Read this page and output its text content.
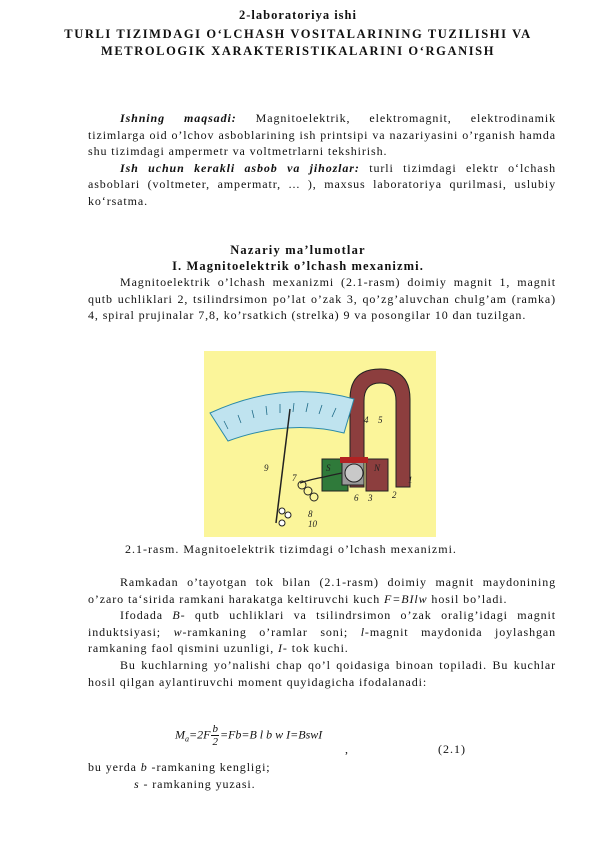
2-laboratoriya ishi
TURLI TIZIMDAGI O‘LCHASH VOSITALARINING TUZILISHI VA METROLOGIK XARAKTERISTIKALARINI O‘RGANISH

Ishning maqsadi: Magnitoelektrik, elektromagnit, elektrodinamik tizimlarga oid o’lchov asboblarining ish printsipi va nazariyasini o’rganish hamda shu tizimdagi ampermetr va voltmetrlarni tekshirish.

Ish uchun kerakli asbob va jihozlar: turli tizimdagi elektr o‘lchash asboblari (voltmeter, ampermatr, ... ), maxsus laboratoriya qurilmasi, uslubiy ko‘rsatma.

Nazariy ma’lumotlar
I. Magnitoelektrik o’lchash mexanizmi.

Magnitoelektrik o’lchash mexanizmi (2.1-rasm) doimiy magnit 1, magnit qutb uchliklari 2, tsilindrsimon po’lat o’zak 3, qo’zg’aluvchan chulg’am (ramka) 4, spiral prujinalar 7,8, ko’rsatkich (strelka) 9 va posongilar 10 dan tuzilgan.

1
2
3
4 5
6
7
8
9
10
S	N
2.1-rasm. Magnitoelektrik tizimdagi o’lchash mexanizmi.

Ramkadan o’tayotgan tok bilan (2.1-rasm) doimiy magnit maydonining o’zaro ta‘sirida ramkani harakatga keltiruvchi kuch F=BIlw hosil bo’ladi.

Ifodada B- qutb uchliklari va tsilindrsimon o’zak oralig’idagi magnit induktsiyasi; w-ramkaning o’ramlar soni; l-magnit maydonida joylashgan ramkaning faol qismini uzunligi, I- tok kuchi.

Bu kuchlarning yo’nalishi chap qo’l qoidasiga binoan topiladi. Bu kuchlar hosil qilgan aylantiruvchi moment quyidagicha ifodalanadi:

$M_a=2F \frac{b}{2} =Fb=B$ l b w I=BswI
,	(2.1)
bu yerda b -ramkaning kengligi;
s - ramkaning yuzasi.
